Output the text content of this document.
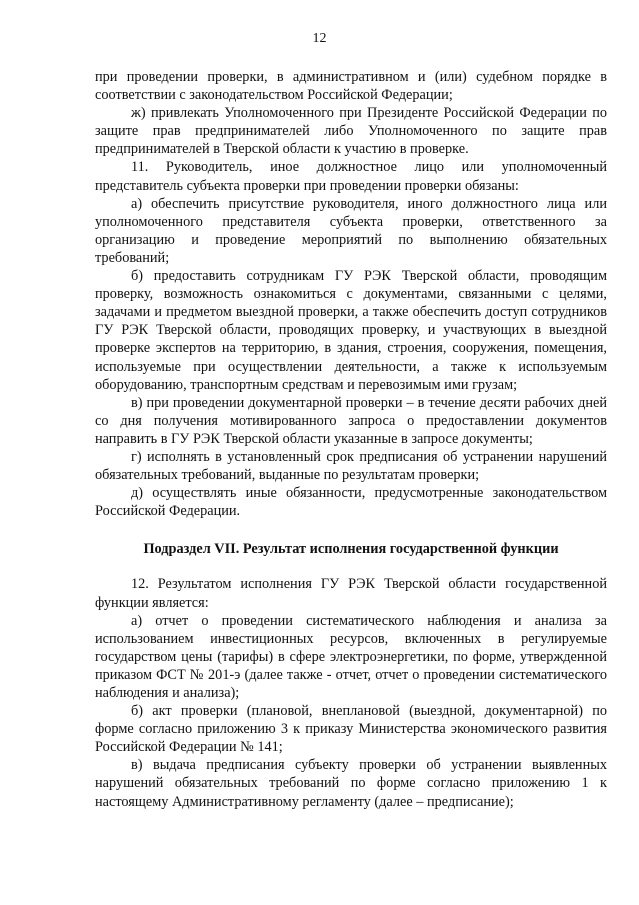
12

при проведении проверки, в административном и (или) судебном порядке в соответствии с законодательством Российской Федерации;

ж) привлекать Уполномоченного при Президенте Российской Федерации по защите прав предпринимателей либо Уполномоченного по защите прав предпринимателей в Тверской области к участию в проверке.

11. Руководитель, иное должностное лицо или уполномоченный представитель субъекта проверки при проведении проверки обязаны:

а) обеспечить присутствие руководителя, иного должностного лица или уполномоченного представителя субъекта проверки, ответственного за организацию и проведение мероприятий по выполнению обязательных требований;

б) предоставить сотрудникам ГУ РЭК Тверской области, проводящим проверку, возможность ознакомиться с документами, связанными с целями, задачами и предметом выездной проверки, а также обеспечить доступ сотрудников ГУ РЭК Тверской области, проводящих проверку, и участвующих в выездной проверке экспертов на территорию, в здания, строения, сооружения, помещения, используемые при осуществлении деятельности, а также к используемым оборудованию, транспортным средствам и перевозимым ими грузам;

в) при проведении документарной проверки – в течение десяти рабочих дней со дня получения мотивированного запроса о предоставлении документов направить в ГУ РЭК Тверской области указанные в запросе документы;

г) исполнять в установленный срок предписания об устранении нарушений обязательных требований, выданные по результатам проверки;

д) осуществлять иные обязанности, предусмотренные законодательством Российской Федерации.

Подраздел VII. Результат исполнения государственной функции

12. Результатом исполнения ГУ РЭК Тверской области государственной функции является:

а) отчет о проведении систематического наблюдения и анализа за использованием инвестиционных ресурсов, включенных в регулируемые государством цены (тарифы) в сфере электроэнергетики, по форме, утвержденной приказом ФСТ № 201-э (далее также - отчет, отчет о проведении систематического наблюдения и анализа);

б) акт проверки (плановой, внеплановой (выездной, документарной) по форме согласно приложению 3 к приказу Министерства экономического развития Российской Федерации № 141;

в) выдача предписания субъекту проверки об устранении выявленных нарушений обязательных требований по форме согласно приложению 1 к настоящему Административному регламенту (далее – предписание);
